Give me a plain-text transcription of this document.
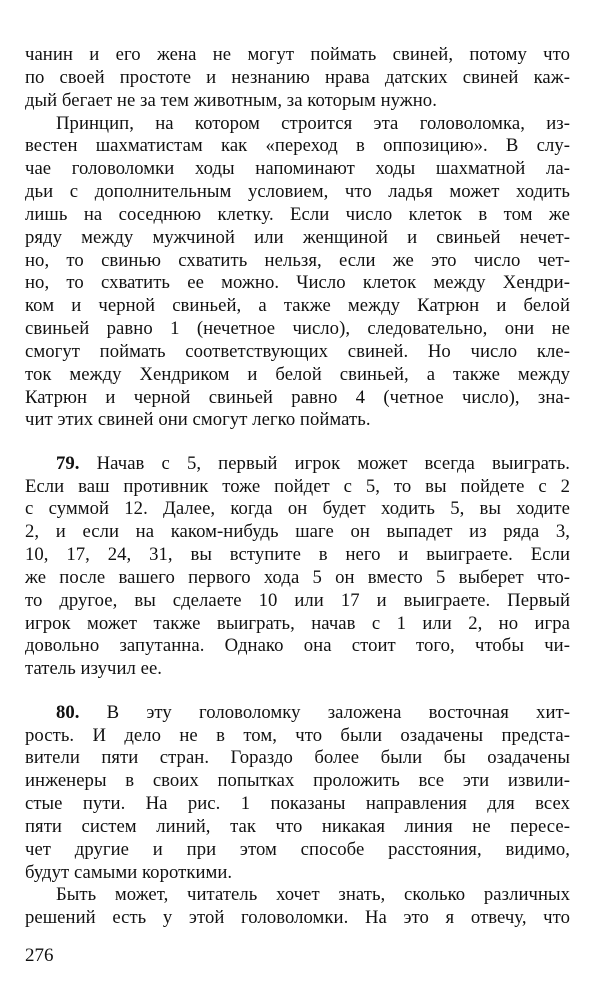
чанин и его жена не могут поймать свиней, потому что
по своей простоте и незнанию нрава датских свиней каж-
дый бегает не за тем животным, за которым нужно.
Принцип, на котором строится эта головоломка, из-
вестен шахматистам как «переход в оппозицию». В слу-
чае головоломки ходы напоминают ходы шахматной ла-
дьи с дополнительным условием, что ладья может ходить
лишь на соседнюю клетку. Если число клеток в том же
ряду между мужчиной или женщиной и свиньей нечет-
но, то свинью схватить нельзя, если же это число чет-
но, то схватить ее можно. Число клеток между Хендри-
ком и черной свиньей, а также между Катрюн и белой
свиньей равно 1 (нечетное число), следовательно, они не
смогут поймать соответствующих свиней. Но число кле-
ток между Хендриком и белой свиньей, а также между
Катрюн и черной свиньей равно 4 (четное число), зна-
чит этих свиней они смогут легко поймать.
79. Начав с 5, первый игрок может всегда выиграть.
Если ваш противник тоже пойдет с 5, то вы пойдете с 2
с суммой 12. Далее, когда он будет ходить 5, вы ходите
2, и если на каком-нибудь шаге он выпадет из ряда 3,
10, 17, 24, 31, вы вступите в него и выиграете. Если
же после вашего первого хода 5 он вместо 5 выберет что-
то другое, вы сделаете 10 или 17 и выиграете. Первый
игрок может также выиграть, начав с 1 или 2, но игра
довольно запутанна. Однако она стоит того, чтобы чи-
татель изучил ее.
80. В эту головоломку заложена восточная хит-
рость. И дело не в том, что были озадачены предста-
вители пяти стран. Гораздо более были бы озадачены
инженеры в своих попытках проложить все эти извили-
стые пути. На рис. 1 показаны направления для всех
пяти систем линий, так что никакая линия не пересе-
чет другие и при этом способе расстояния, видимо,
будут самыми короткими.
Быть может, читатель хочет знать, сколько различных
решений есть у этой головоломки. На это я отвечу, что
276
